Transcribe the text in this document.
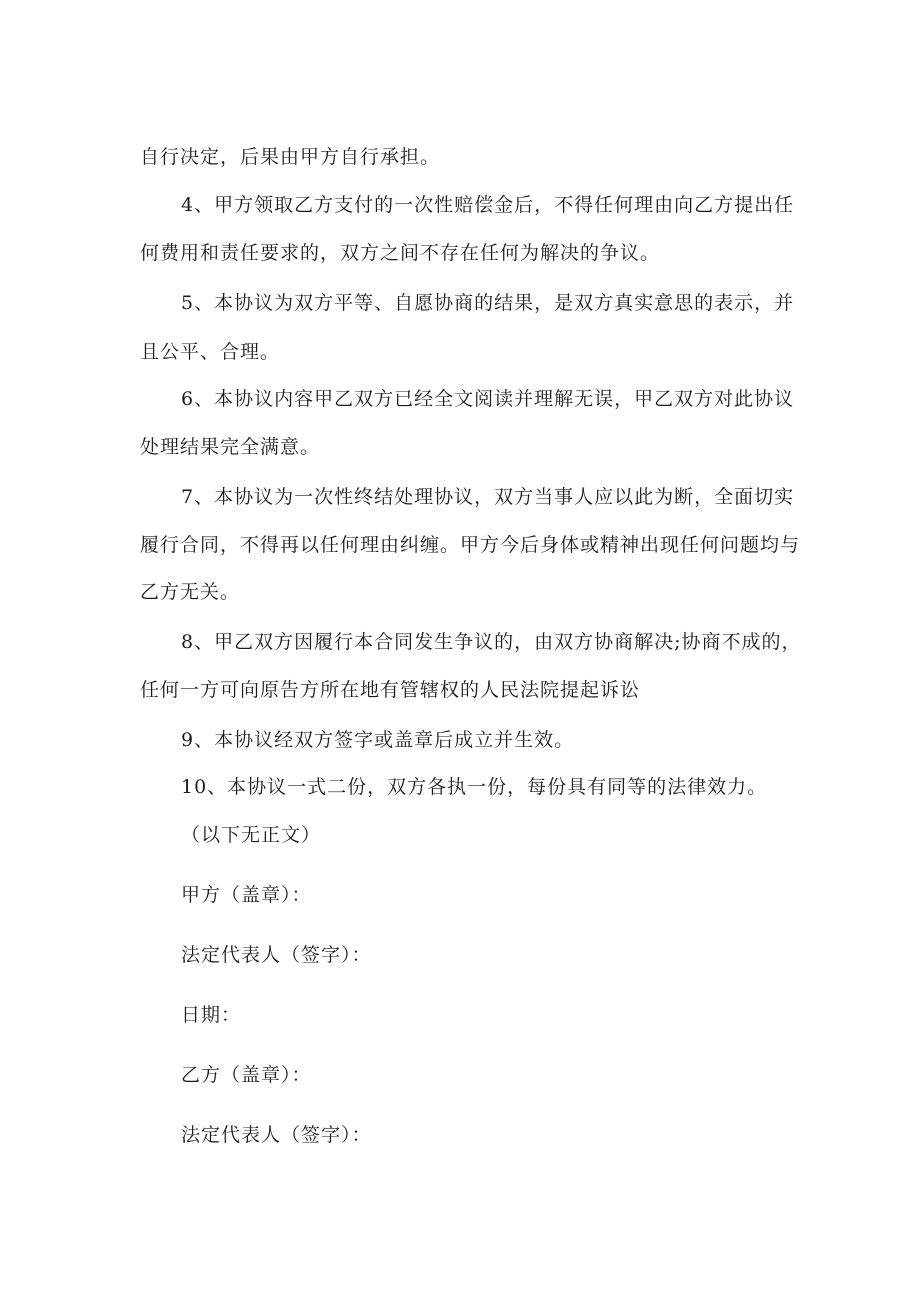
自行决定，后果由甲方自行承担。
4、甲方领取乙方支付的一次性赔偿金后，不得任何理由向乙方提出任
何费用和责任要求的，双方之间不存在任何为解决的争议。
5、本协议为双方平等、自愿协商的结果，是双方真实意思的表示，并
且公平、合理。
6、本协议内容甲乙双方已经全文阅读并理解无误，甲乙双方对此协议
处理结果完全满意。
7、本协议为一次性终结处理协议，双方当事人应以此为断，全面切实
履行合同，不得再以任何理由纠缠。甲方今后身体或精神出现任何问题均与
乙方无关。
8、甲乙双方因履行本合同发生争议的，由双方协商解决;协商不成的，
任何一方可向原告方所在地有管辖权的人民法院提起诉讼
9、本协议经双方签字或盖章后成立并生效。
10、本协议一式二份，双方各执一份，每份具有同等的法律效力。
（以下无正文）
甲方（盖章）：
法定代表人（签字）：
日期：
乙方（盖章）：
法定代表人（签字）：
